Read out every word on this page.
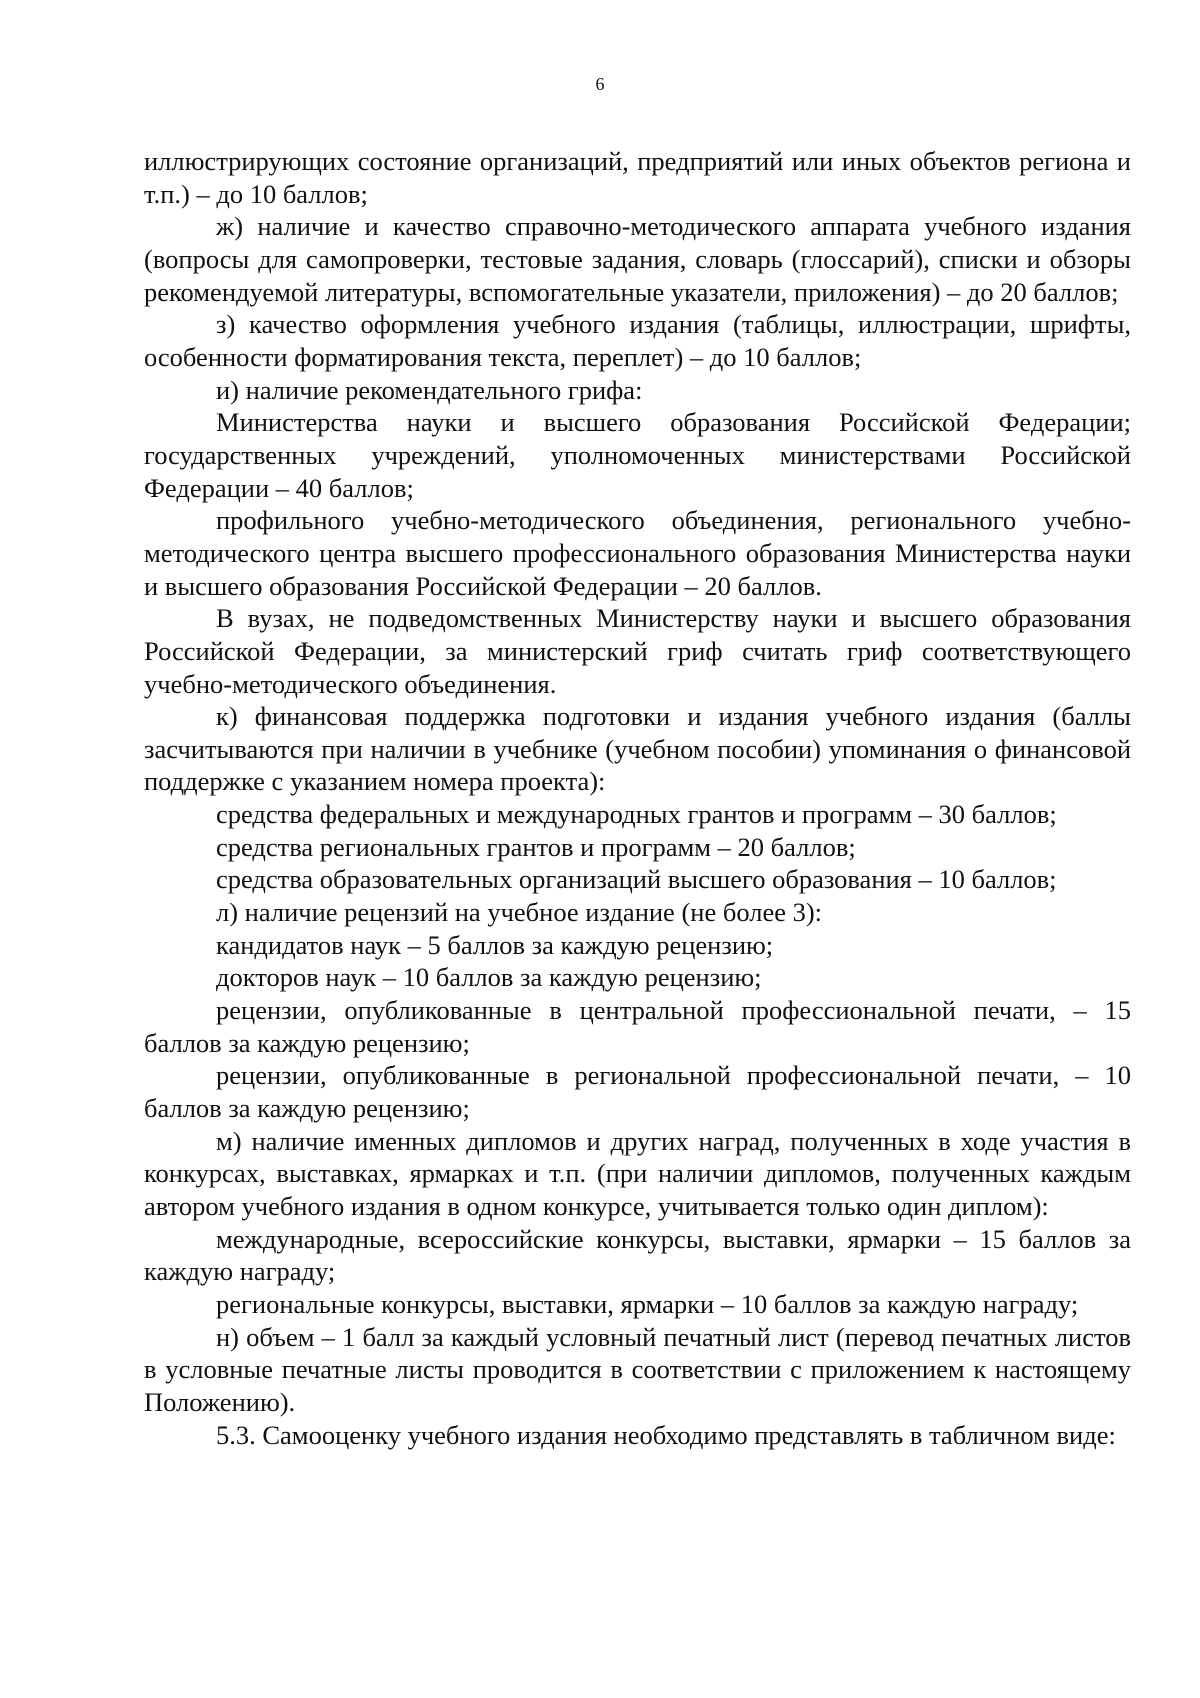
6

иллюстрирующих состояние организаций, предприятий или иных объектов региона и т.п.) – до 10 баллов;

ж) наличие и качество справочно-методического аппарата учебного издания (вопросы для самопроверки, тестовые задания, словарь (глоссарий), списки и обзоры рекомендуемой литературы, вспомогательные указатели, приложения) – до 20 баллов;

з) качество оформления учебного издания (таблицы, иллюстрации, шрифты, особенности форматирования текста, переплет) – до 10 баллов;

и) наличие рекомендательного грифа:

Министерства науки и высшего образования Российской Федерации; государственных учреждений, уполномоченных министерствами Российской Федерации – 40 баллов;

профильного учебно-методического объединения, регионального учебно-методического центра высшего профессионального образования Министерства науки и высшего образования Российской Федерации – 20 баллов.

В вузах, не подведомственных Министерству науки и высшего образования Российской Федерации, за министерский гриф считать гриф соответствующего учебно-методического объединения.

к) финансовая поддержка подготовки и издания учебного издания (баллы засчитываются при наличии в учебнике (учебном пособии) упоминания о финансовой поддержке с указанием номера проекта):

средства федеральных и международных грантов и программ – 30 баллов;

средства региональных грантов и программ – 20 баллов;

средства образовательных организаций высшего образования – 10 баллов;

л) наличие рецензий на учебное издание (не более 3):

кандидатов наук – 5 баллов за каждую рецензию;

докторов наук – 10 баллов за каждую рецензию;

рецензии, опубликованные в центральной профессиональной печати, – 15 баллов за каждую рецензию;

рецензии, опубликованные в региональной профессиональной печати, – 10 баллов за каждую рецензию;

м) наличие именных дипломов и других наград, полученных в ходе участия в конкурсах, выставках, ярмарках и т.п. (при наличии дипломов, полученных каждым автором учебного издания в одном конкурсе, учитывается только один диплом):

международные, всероссийские конкурсы, выставки, ярмарки – 15 баллов за каждую награду;

региональные конкурсы, выставки, ярмарки – 10 баллов за каждую награду;

н) объем – 1 балл за каждый условный печатный лист (перевод печатных листов в условные печатные листы проводится в соответствии с приложением к настоящему Положению).

5.3. Самооценку учебного издания необходимо представлять в табличном виде:
